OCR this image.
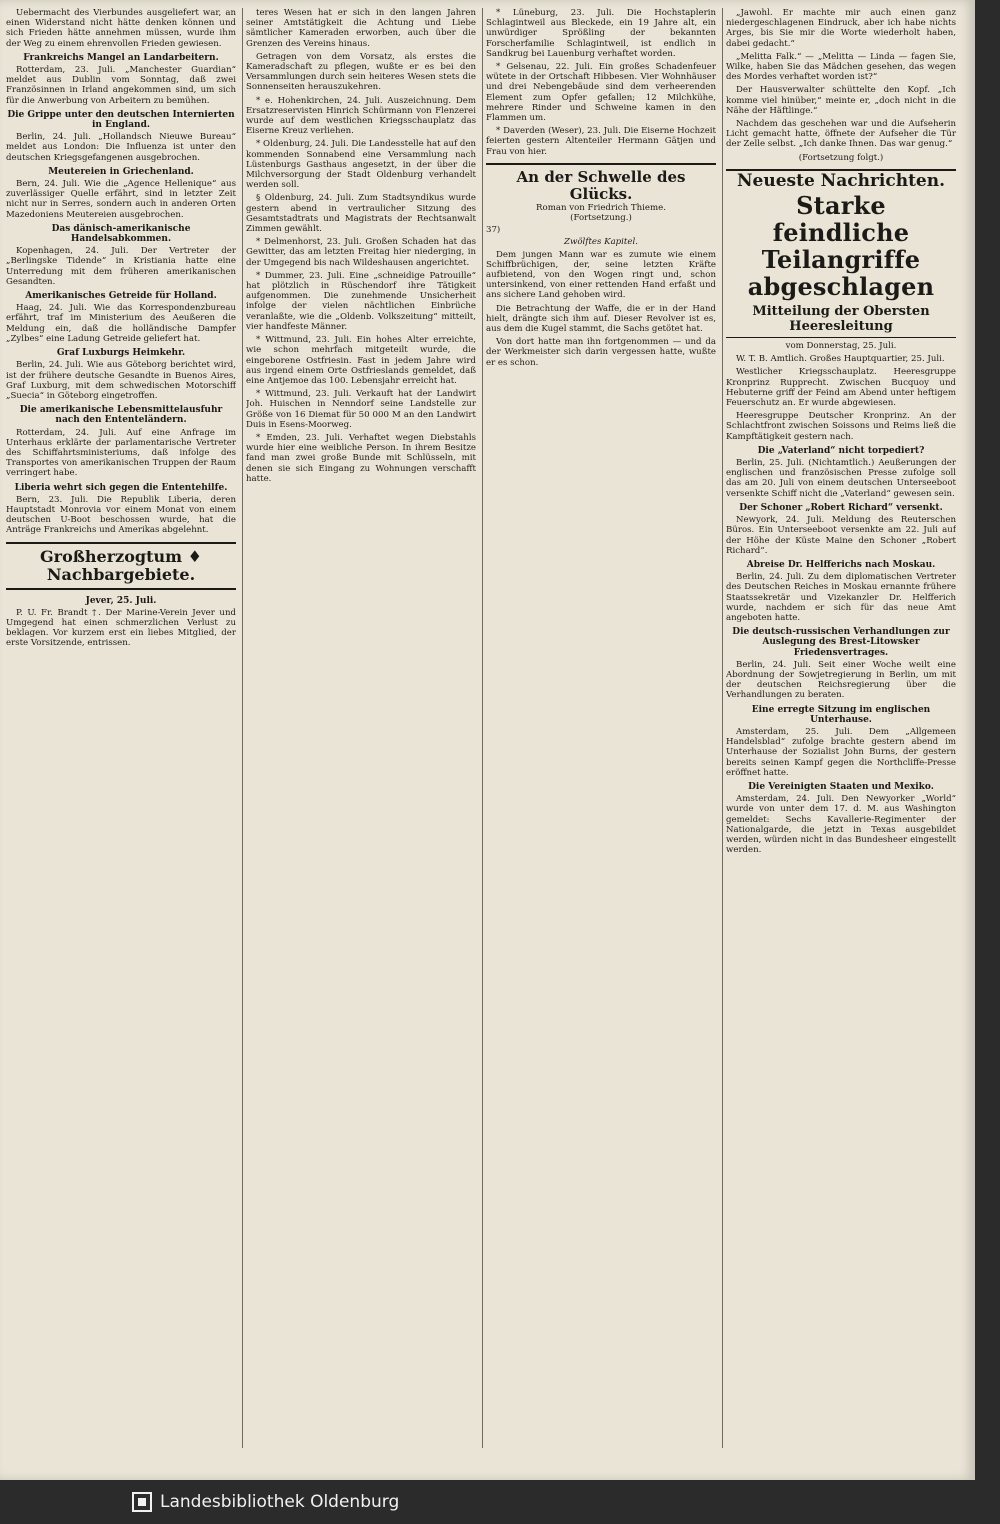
Uebermacht des Vierbundes ausgeliefert war, an einen Widerstand nicht hätte denken können und sich Frieden hätte annehmen müssen, wurde ihm der Weg zu einem ehrenvollen Frieden gewiesen.

Frankreichs Mangel an Landarbeitern.

Rotterdam, 23. Juli. „Manchester Guardian“ meldet aus Dublin vom Sonntag, daß zwei Französinnen in Irland angekommen sind, um sich für die Anwerbung von Arbeitern zu bemühen.

Die Grippe unter den deutschen Internierten in England.

Berlin, 24. Juli. „Hollandsch Nieuwe Bureau“ meldet aus London: Die Influenza ist unter den deutschen Kriegsgefangenen ausgebrochen.

Meutereien in Griechenland.

Bern, 24. Juli. Wie die „Agence Hellenique“ aus zuverlässiger Quelle erfährt, sind in letzter Zeit nicht nur in Serres, sondern auch in anderen Orten Mazedoniens Meutereien ausgebrochen.

Das dänisch-amerikanische Handelsabkommen.

Kopenhagen, 24. Juli. Der Vertreter der „Berlingske Tidende“ in Kristiania hatte eine Unterredung mit dem früheren amerikanischen Gesandten.

Amerikanisches Getreide für Holland.

Haag, 24. Juli. Wie das Korrespondenzbureau erfährt, traf im Ministerium des Aeußeren die Meldung ein, daß die holländische Dampfer „Zylbes“ eine Ladung Getreide geliefert hat.

Graf Luxburgs Heimkehr.

Berlin, 24. Juli. Wie aus Göteborg berichtet wird, ist der frühere deutsche Gesandte in Buenos Aires, Graf Luxburg, mit dem schwedischen Motorschiff „Suecia“ in Göteborg eingetroffen.

Die amerikanische Lebensmittelausfuhr nach den Ententeländern.

Rotterdam, 24. Juli. Auf eine Anfrage im Unterhaus erklärte der parlamentarische Vertreter des Schiffahrtsministeriums, daß infolge des Transportes von amerikanischen Truppen der Raum verringert habe.

Liberia wehrt sich gegen die Ententehilfe.

Bern, 23. Juli. Die Republik Liberia, deren Hauptstadt Monrovia vor einem Monat von einem deutschen U-Boot beschossen wurde, hat die Anträge Frankreichs und Amerikas abgelehnt.

Großherzogtum ♦ Nachbargebiete.
Jever, 25. Juli.

P. U. Fr. Brandt †. Der Marine-Verein Jever und Umgegend hat einen schmerzlichen Verlust zu beklagen. Vor kurzem erst ein liebes Mitglied, der erste Vorsitzende, entrissen.

teres Wesen hat er sich in den langen Jahren seiner Amtstätigkeit die Achtung und Liebe sämtlicher Kameraden erworben, auch über die Grenzen des Vereins hinaus.

Getragen von dem Vorsatz, als erstes die Kameradschaft zu pflegen, wußte er es bei den Versammlungen durch sein heiteres Wesen stets die Sonnenseiten herauszukehren.

* e. Hohenkirchen, 24. Juli. Auszeichnung. Dem Ersatzreservisten Hinrich Schürmann von Flenzerei wurde auf dem westlichen Kriegsschauplatz das Eiserne Kreuz verliehen.

* Oldenburg, 24. Juli. Die Landesstelle hat auf den kommenden Sonnabend eine Versammlung nach Lüstenburgs Gasthaus angesetzt, in der über die Milchversorgung der Stadt Oldenburg verhandelt werden soll.

§ Oldenburg, 24. Juli. Zum Stadtsyndikus wurde gestern abend in vertraulicher Sitzung des Gesamtstadtrats und Magistrats der Rechtsanwalt Zimmen gewählt.

* Delmenhorst, 23. Juli. Großen Schaden hat das Gewitter, das am letzten Freitag hier niederging, in der Umgegend bis nach Wildeshausen angerichtet.

* Dummer, 23. Juli. Eine „schneidige Patrouille“ hat plötzlich in Rüschendorf ihre Tätigkeit aufgenommen. Die zunehmende Unsicherheit infolge der vielen nächtlichen Einbrüche veranlaßte, wie die „Oldenb. Volkszeitung“ mitteilt, vier handfeste Männer.

* Wittmund, 23. Juli. Ein hohes Alter erreichte, wie schon mehrfach mitgeteilt wurde, die eingeborene Ostfriesin. Fast in jedem Jahre wird aus irgend einem Orte Ostfrieslands gemeldet, daß eine Antjemoe das 100. Lebensjahr erreicht hat.

* Wittmund, 23. Juli. Verkauft hat der Landwirt Joh. Huischen in Nenndorf seine Landstelle zur Größe von 16 Diemat für 50 000 M an den Landwirt Duis in Esens-Moorweg.

* Emden, 23. Juli. Verhaftet wegen Diebstahls wurde hier eine weibliche Person. In ihrem Besitze fand man zwei große Bunde mit Schlüsseln, mit denen sie sich Eingang zu Wohnungen verschafft hatte.

* Lüneburg, 23. Juli. Die Hochstaplerin Schlagintweil aus Bleckede, ein 19 Jahre alt, ein unwürdiger Sprößling der bekannten Forscherfamilie Schlagintweil, ist endlich in Sandkrug bei Lauenburg verhaftet worden.

* Gelsenau, 22. Juli. Ein großes Schadenfeuer wütete in der Ortschaft Hibbesen. Vier Wohnhäuser und drei Nebengebäude sind dem verheerenden Element zum Opfer gefallen; 12 Milchkühe, mehrere Rinder und Schweine kamen in den Flammen um.

* Daverden (Weser), 23. Juli. Die Eiserne Hochzeit feierten gestern Altenteiler Hermann Gätjen und Frau von hier.

An der Schwelle des Glücks.
Roman von Friedrich Thieme.
(Fortsetzung.)
37)
Zwölftes Kapitel.

Dem jungen Mann war es zumute wie einem Schiffbrüchigen, der, seine letzten Kräfte aufbietend, von den Wogen ringt und, schon untersinkend, von einer rettenden Hand erfaßt und ans sichere Land gehoben wird.

Die Betrachtung der Waffe, die er in der Hand hielt, drängte sich ihm auf. Dieser Revolver ist es, aus dem die Kugel stammt, die Sachs getötet hat.

Von dort hatte man ihn fortgenommen — und da der Werkmeister sich darin vergessen hatte, wußte er es schon.

„Jawohl. Er machte mir auch einen ganz niedergeschlagenen Eindruck, aber ich habe nichts Arges, bis Sie mir die Worte wiederholt haben, dabei gedacht.“

„Melitta Falk.“ — „Melitta — Linda — fagen Sie, Wilke, haben Sie das Mädchen gesehen, das wegen des Mordes verhaftet worden ist?“

Der Hausverwalter schüttelte den Kopf. „Ich komme viel hinüber,“ meinte er, „doch nicht in die Nähe der Häftlinge.“

Nachdem das geschehen war und die Aufseherin Licht gemacht hatte, öffnete der Aufseher die Tür der Zelle selbst. „Ich danke Ihnen. Das war genug.“

(Fortsetzung folgt.)
Neueste Nachrichten.
Starke feindliche Teilangriffe abgeschlagen
Mitteilung der Obersten Heeresleitung
vom Donnerstag, 25. Juli.

W. T. B. Amtlich. Großes Hauptquartier, 25. Juli.

Westlicher Kriegsschauplatz. Heeresgruppe Kronprinz Rupprecht. Zwischen Bucquoy und Hebuterne griff der Feind am Abend unter heftigem Feuerschutz an. Er wurde abgewiesen.

Heeresgruppe Deutscher Kronprinz. An der Schlachtfront zwischen Soissons und Reims ließ die Kampftätigkeit gestern nach.

Die „Vaterland“ nicht torpediert?

Berlin, 25. Juli. (Nichtamtlich.) Aeußerungen der englischen und französischen Presse zufolge soll das am 20. Juli von einem deutschen Unterseeboot versenkte Schiff nicht die „Vaterland“ gewesen sein.

Der Schoner „Robert Richard“ versenkt.

Newyork, 24. Juli. Meldung des Reuterschen Büros. Ein Unterseeboot versenkte am 22. Juli auf der Höhe der Küste Maine den Schoner „Robert Richard“.

Abreise Dr. Helfferichs nach Moskau.

Berlin, 24. Juli. Zu dem diplomatischen Vertreter des Deutschen Reiches in Moskau ernannte frühere Staatssekretär und Vizekanzler Dr. Helfferich wurde, nachdem er sich für das neue Amt angeboten hatte.

Die deutsch-russischen Verhandlungen zur Auslegung des Brest-Litowsker Friedensvertrages.

Berlin, 24. Juli. Seit einer Woche weilt eine Abordnung der Sowjetregierung in Berlin, um mit der deutschen Reichsregierung über die Verhandlungen zu beraten.

Eine erregte Sitzung im englischen Unterhause.

Amsterdam, 25. Juli. Dem „Allgemeen Handelsblad“ zufolge brachte gestern abend im Unterhause der Sozialist John Burns, der gestern bereits seinen Kampf gegen die Northcliffe-Presse eröffnet hatte.

Die Vereinigten Staaten und Mexiko.

Amsterdam, 24. Juli. Den Newyorker „World“ wurde von unter dem 17. d. M. aus Washington gemeldet: Sechs Kavallerie-Regimenter der Nationalgarde, die jetzt in Texas ausgebildet werden, würden nicht in das Bundesheer eingestellt werden.

Landesbibliothek Oldenburg
